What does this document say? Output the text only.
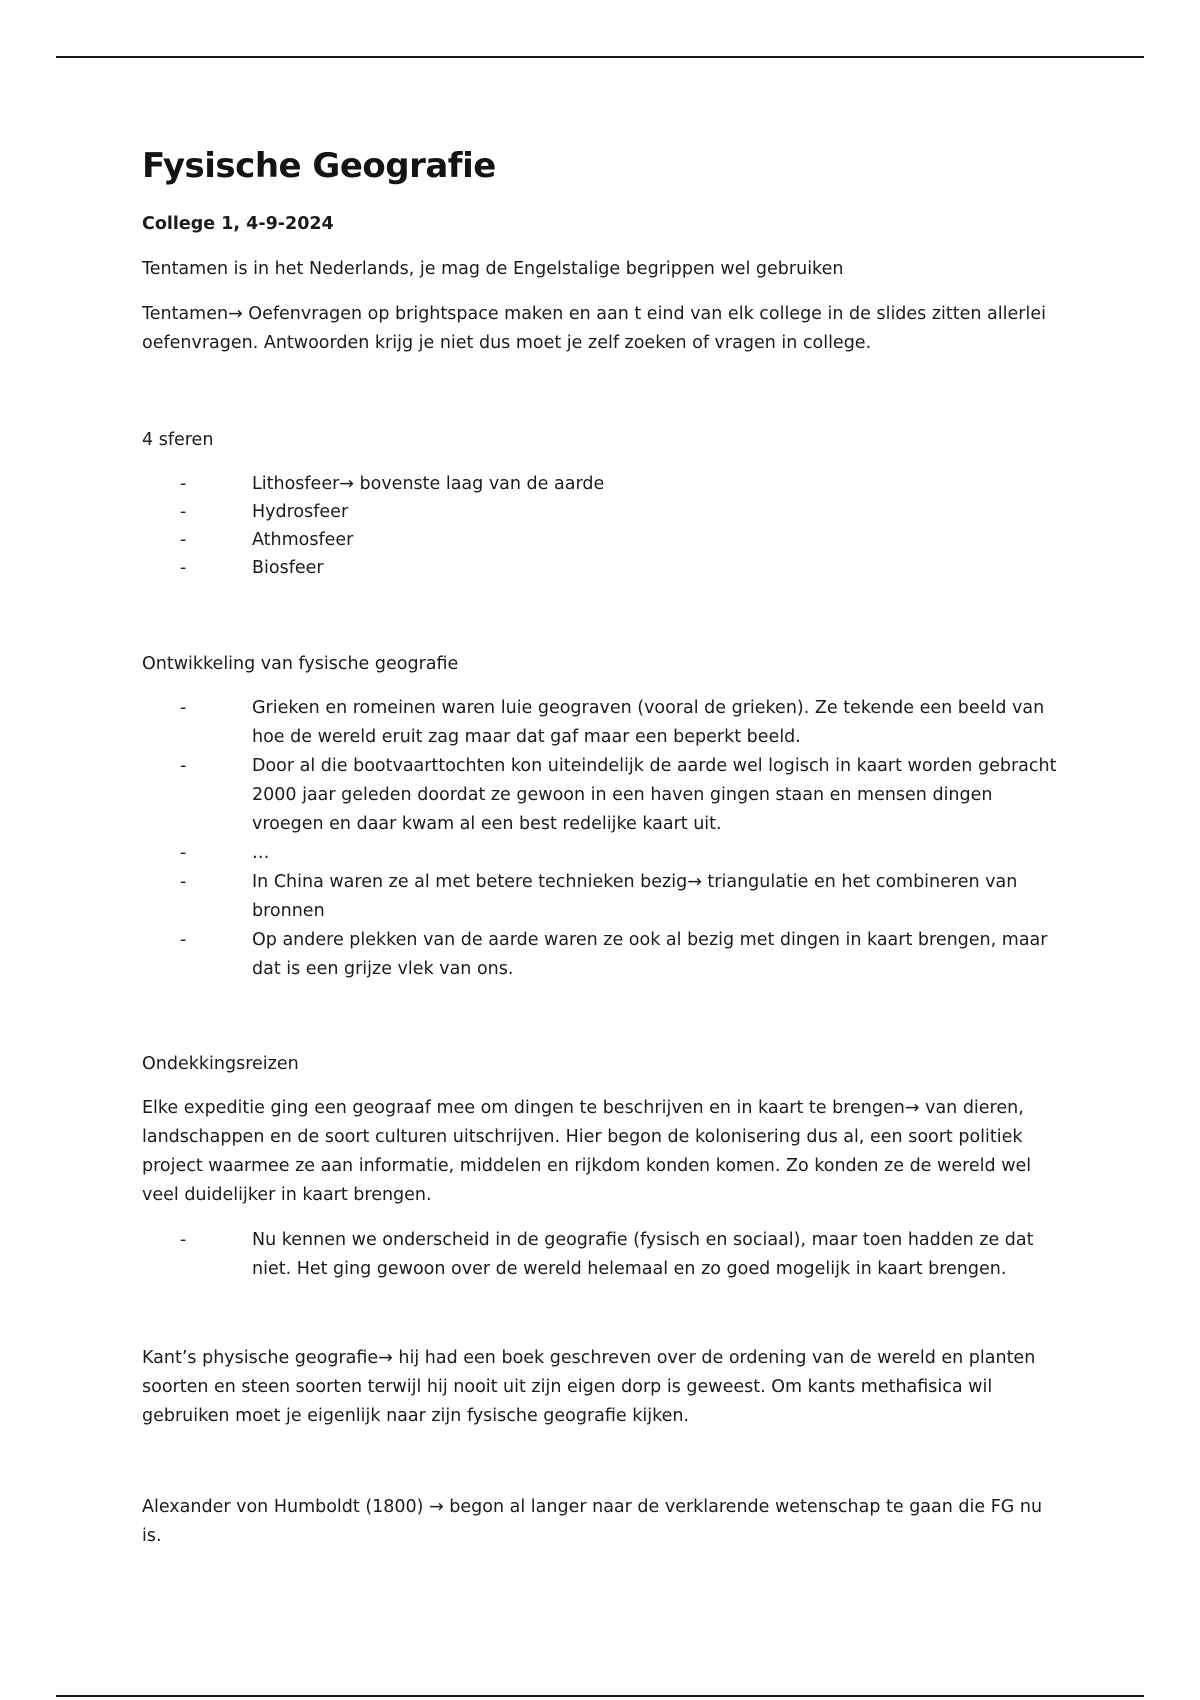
Fysische Geografie

College 1, 4-9-2024

Tentamen is in het Nederlands, je mag de Engelstalige begrippen wel gebruiken

Tentamen→ Oefenvragen op brightspace maken en aan t eind van elk college in de slides zitten allerlei oefenvragen. Antwoorden krijg je niet dus moet je zelf zoeken of vragen in college.

4 sferen

-	Lithosfeer→ bovenste laag van de aarde
-	Hydrosfeer
-	Athmosfeer
-	Biosfeer

Ontwikkeling van fysische geografie

-	Grieken en romeinen waren luie geograven (vooral de grieken). Ze tekende een beeld van hoe de wereld eruit zag maar dat gaf maar een beperkt beeld.
-	Door al die bootvaarttochten kon uiteindelijk de aarde wel logisch in kaart worden gebracht 2000 jaar geleden doordat ze gewoon in een haven gingen staan en mensen dingen vroegen en daar kwam al een best redelijke kaart uit.
-	…
-	In China waren ze al met betere technieken bezig→ triangulatie en het combineren van bronnen
-	Op andere plekken van de aarde waren ze ook al bezig met dingen in kaart brengen, maar dat is een grijze vlek van ons.

Ondekkingsreizen

Elke expeditie ging een geograaf mee om dingen te beschrijven en in kaart te brengen→ van dieren, landschappen en de soort culturen uitschrijven. Hier begon de kolonisering dus al, een soort politiek project waarmee ze aan informatie, middelen en rijkdom konden komen. Zo konden ze de wereld wel veel duidelijker in kaart brengen.

-	Nu kennen we onderscheid in de geografie (fysisch en sociaal), maar toen hadden ze dat niet. Het ging gewoon over de wereld helemaal en zo goed mogelijk in kaart brengen.

Kant’s physische geografie→ hij had een boek geschreven over de ordening van de wereld en planten soorten en steen soorten terwijl hij nooit uit zijn eigen dorp is geweest. Om kants methafisica wil gebruiken moet je eigenlijk naar zijn fysische geografie kijken.

Alexander von Humboldt (1800) → begon al langer naar de verklarende wetenschap te gaan die FG nu is.
